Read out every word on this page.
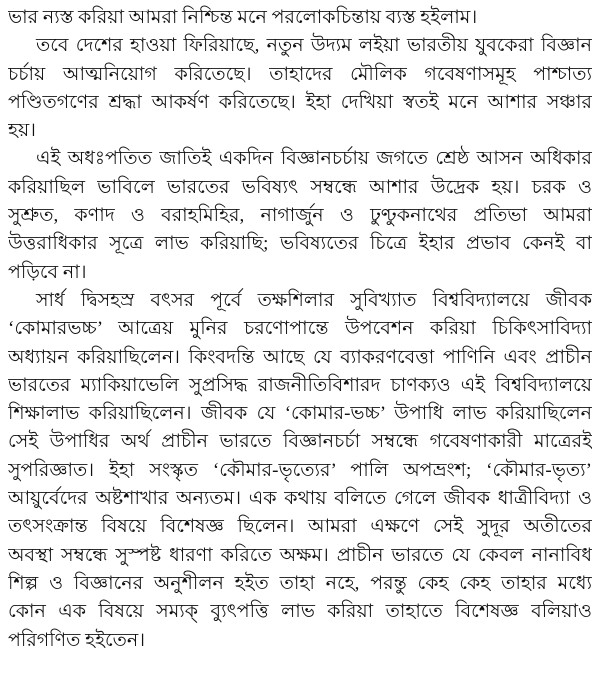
ভার ন্যস্ত করিয়া আমরা নিশ্চিন্ত মনে পরলোকচিন্তায় ব্যস্ত হইলাম।

তবে দেশের হাওয়া ফিরিয়াছে, নতুন উদ্যম লইয়া ভারতীয় যুবকেরা বিজ্ঞান
চর্চায় আত্মনিয়োগ করিতেছে। তাহাদের মৌলিক গবেষণাসমূহ পাশ্চাত্য
পণ্ডিতগণের শ্রদ্ধা আকর্ষণ করিতেছে। ইহা দেখিয়া স্বতই মনে আশার সঞ্চার
হয়।

এই অধঃপতিত জাতিই একদিন বিজ্ঞানচর্চায় জগতে শ্রেষ্ঠ আসন অধিকার
করিয়াছিল ভাবিলে ভারতের ভবিষ্যৎ সম্বন্ধে আশার উদ্রেক হয়। চরক ও
সুশ্রুত, কণাদ ও বরাহমিহির, নাগার্জুন ও ঢুণ্ঢুকনাথের প্রতিভা আমরা
উত্তরাধিকার সূত্রে লাভ করিয়াছি; ভবিষ্যতের চিত্রে ইহার প্রভাব কেনই বা
পড়িবে না।

সার্ধ দ্বিসহস্র বৎসর পূর্বে তক্ষশিলার সুবিখ্যাত বিশ্ববিদ্যালয়ে জীবক
‘কোমারভচ্চ’ আত্রেয় মুনির চরণোপান্তে উপবেশন করিয়া চিকিৎসাবিদ্যা
অধ্যায়ন করিয়াছিলেন। কিংবদন্তি আছে যে ব্যাকরণবেত্তা পাণিনি এবং প্রাচীন
ভারতের ম্যাকিয়াভেলি সুপ্রসিদ্ধ রাজনীতিবিশারদ চাণক্যও এই বিশ্ববিদ্যালয়ে
শিক্ষালাভ করিয়াছিলেন। জীবক যে ‘কোমার-ভচ্চ’ উপাধি লাভ করিয়াছিলেন
সেই উপাধির অর্থ প্রাচীন ভারতে বিজ্ঞানচর্চা সম্বন্ধে গবেষণাকারী মাত্রেরই
সুপরিজ্ঞাত। ইহা সংস্কৃত ‘কৌমার-ভৃত্যের’ পালি অপভ্রংশ; ‘কৌমার-ভৃত্য’
আয়ুর্বেদের অষ্টশাখার অন্যতম। এক কথায় বলিতে গেলে জীবক ধাত্রীবিদ্যা ও
তৎসংক্রান্ত বিষয়ে বিশেষজ্ঞ ছিলেন। আমরা এক্ষণে সেই সুদূর অতীতের
অবস্থা সম্বন্ধে সুস্পষ্ট ধারণা করিতে অক্ষম। প্রাচীন ভারতে যে কেবল নানাবিধ
শিল্প ও বিজ্ঞানের অনুশীলন হইত তাহা নহে, পরন্তু কেহ কেহ তাহার মধ্যে
কোন এক বিষয়ে সম্যক্ ব্যুৎপত্তি লাভ করিয়া তাহাতে বিশেষজ্ঞ বলিয়াও
পরিগণিত হইতেন।
